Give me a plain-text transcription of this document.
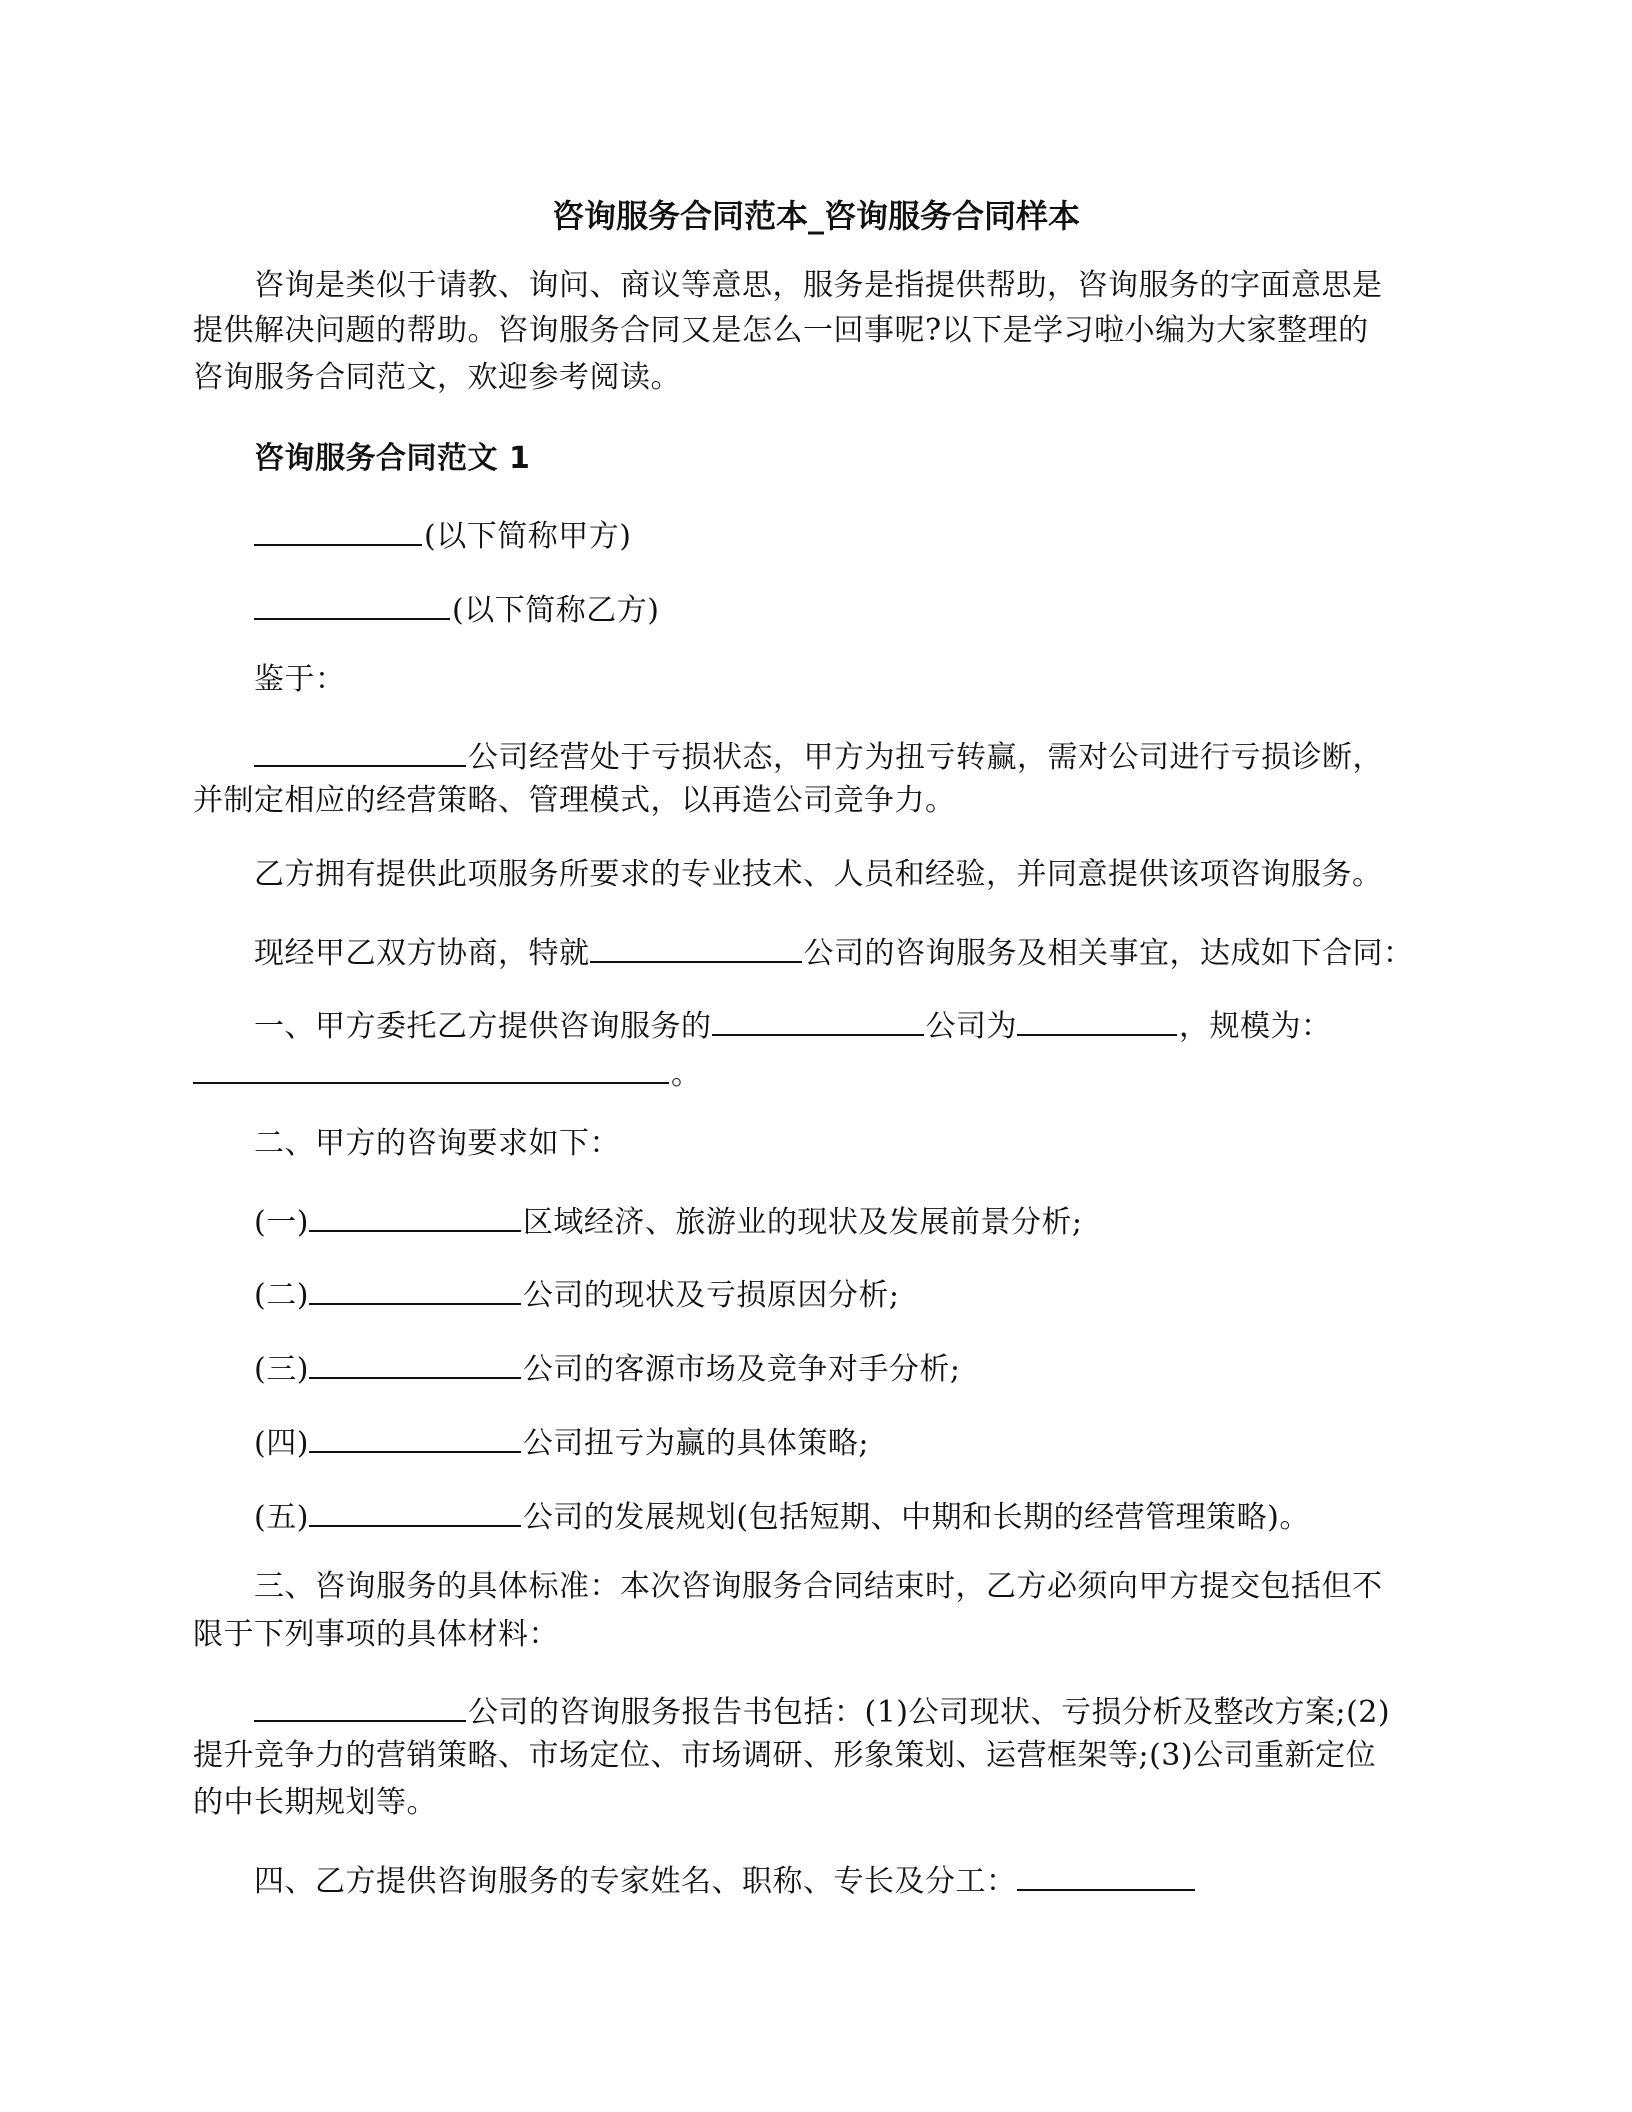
咨询服务合同范本_咨询服务合同样本
咨询是类似于请教、询问、商议等意思，服务是指提供帮助，咨询服务的字面意思是
提供解决问题的帮助。咨询服务合同又是怎么一回事呢?以下是学习啦小编为大家整理的
咨询服务合同范文，欢迎参考阅读。
咨询服务合同范文 1
(以下简称甲方)
(以下简称乙方)
鉴于：
公司经营处于亏损状态，甲方为扭亏转赢，需对公司进行亏损诊断，
并制定相应的经营策略、管理模式，以再造公司竞争力。
乙方拥有提供此项服务所要求的专业技术、人员和经验，并同意提供该项咨询服务。
现经甲乙双方协商，特就	公司的咨询服务及相关事宜，达成如下合同：
一、甲方委托乙方提供咨询服务的	公司为	，规模为：
。
二、甲方的咨询要求如下：
(一)	区域经济、旅游业的现状及发展前景分析;
(二)	公司的现状及亏损原因分析;
(三)	公司的客源市场及竞争对手分析;
(四)	公司扭亏为赢的具体策略;
(五)	公司的发展规划(包括短期、中期和长期的经营管理策略)。
三、咨询服务的具体标准：本次咨询服务合同结束时，乙方必须向甲方提交包括但不
限于下列事项的具体材料：
公司的咨询服务报告书包括：(1)公司现状、亏损分析及整改方案;(2)
提升竞争力的营销策略、市场定位、市场调研、形象策划、运营框架等;(3)公司重新定位
的中长期规划等。
四、乙方提供咨询服务的专家姓名、职称、专长及分工：
